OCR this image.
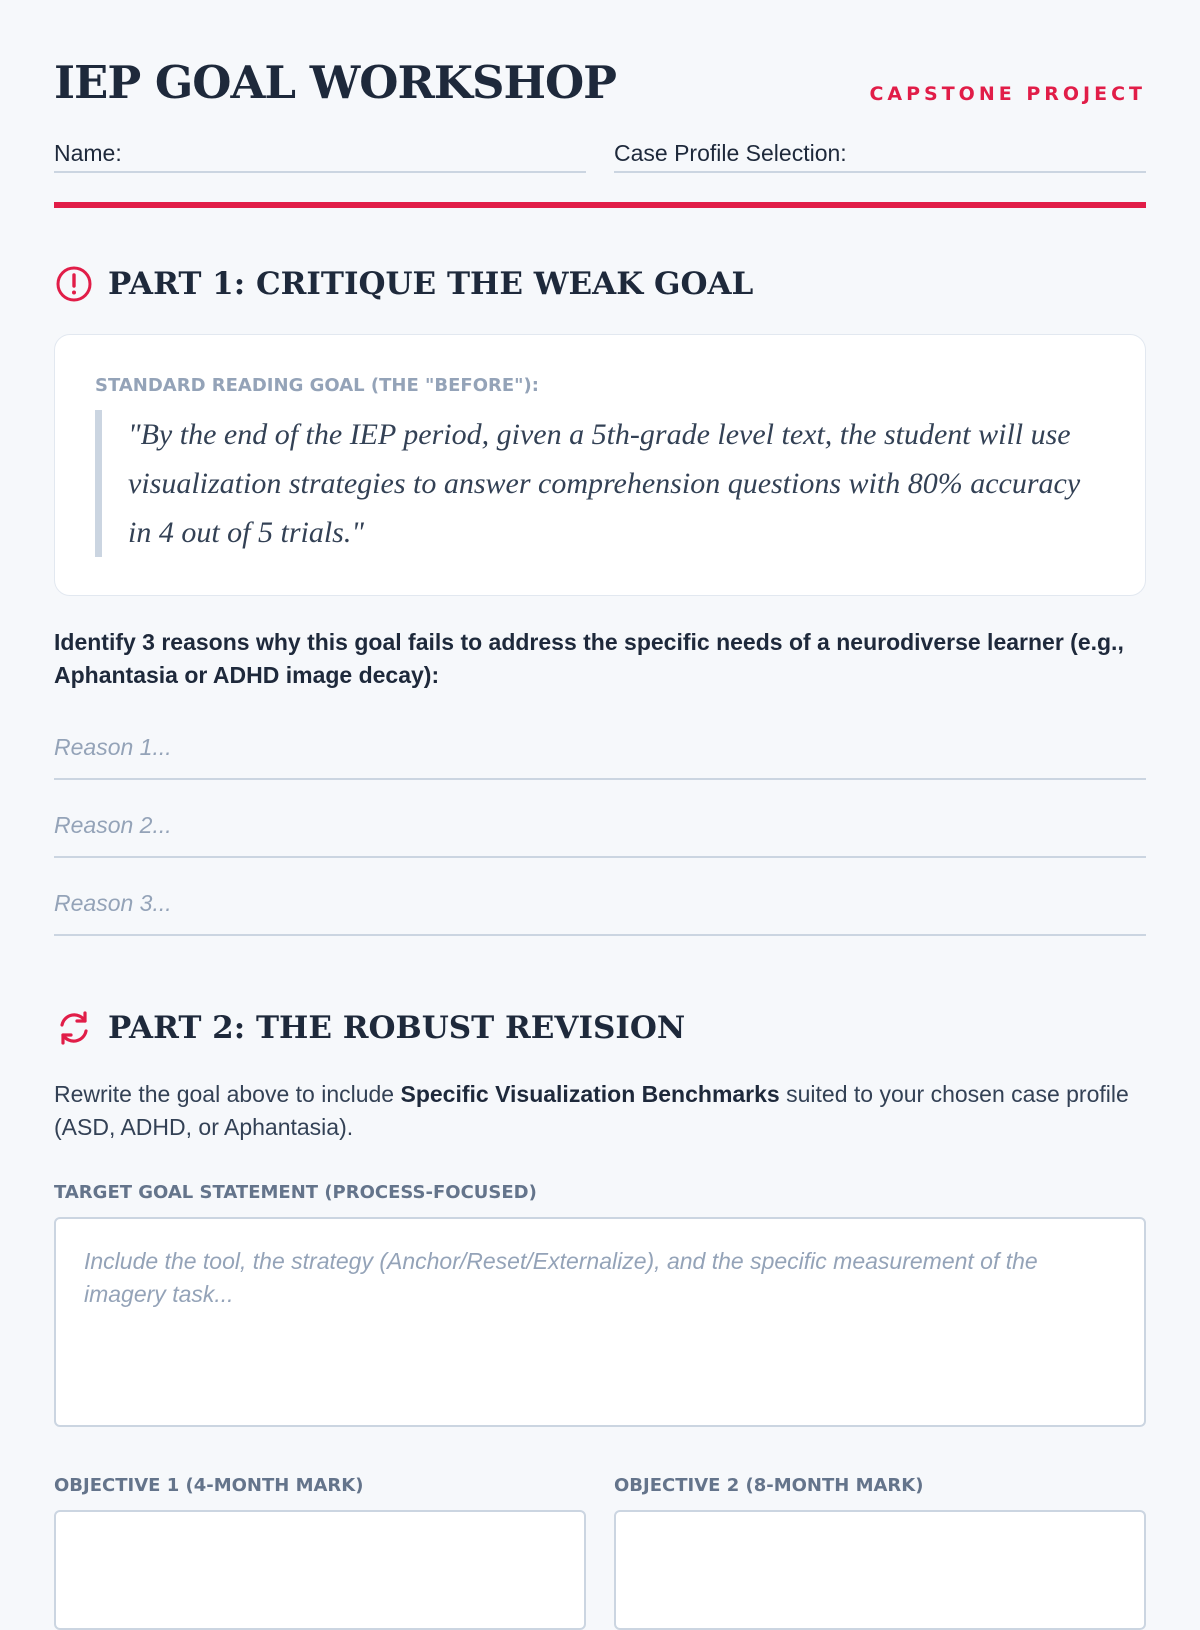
IEP GOAL WORKSHOP	CAPSTONE PROJECT
Name:	Case Profile Selection:
PART 1: CRITIQUE THE WEAK GOAL
STANDARD READING GOAL (THE "BEFORE"):
"By the end of the IEP period, given a 5th-grade level text, the student will use visualization strategies to answer comprehension questions with 80% accuracy in 4 out of 5 trials."
Identify 3 reasons why this goal fails to address the specific needs of a neurodiverse learner (e.g., Aphantasia or ADHD image decay):
Reason 1...
Reason 2...
Reason 3...
PART 2: THE ROBUST REVISION
Rewrite the goal above to include Specific Visualization Benchmarks suited to your chosen case profile (ASD, ADHD, or Aphantasia).
TARGET GOAL STATEMENT (PROCESS-FOCUSED)
Include the tool, the strategy (Anchor/Reset/Externalize), and the specific measurement of the imagery task...
OBJECTIVE 1 (4-MONTH MARK)	OBJECTIVE 2 (8-MONTH MARK)
